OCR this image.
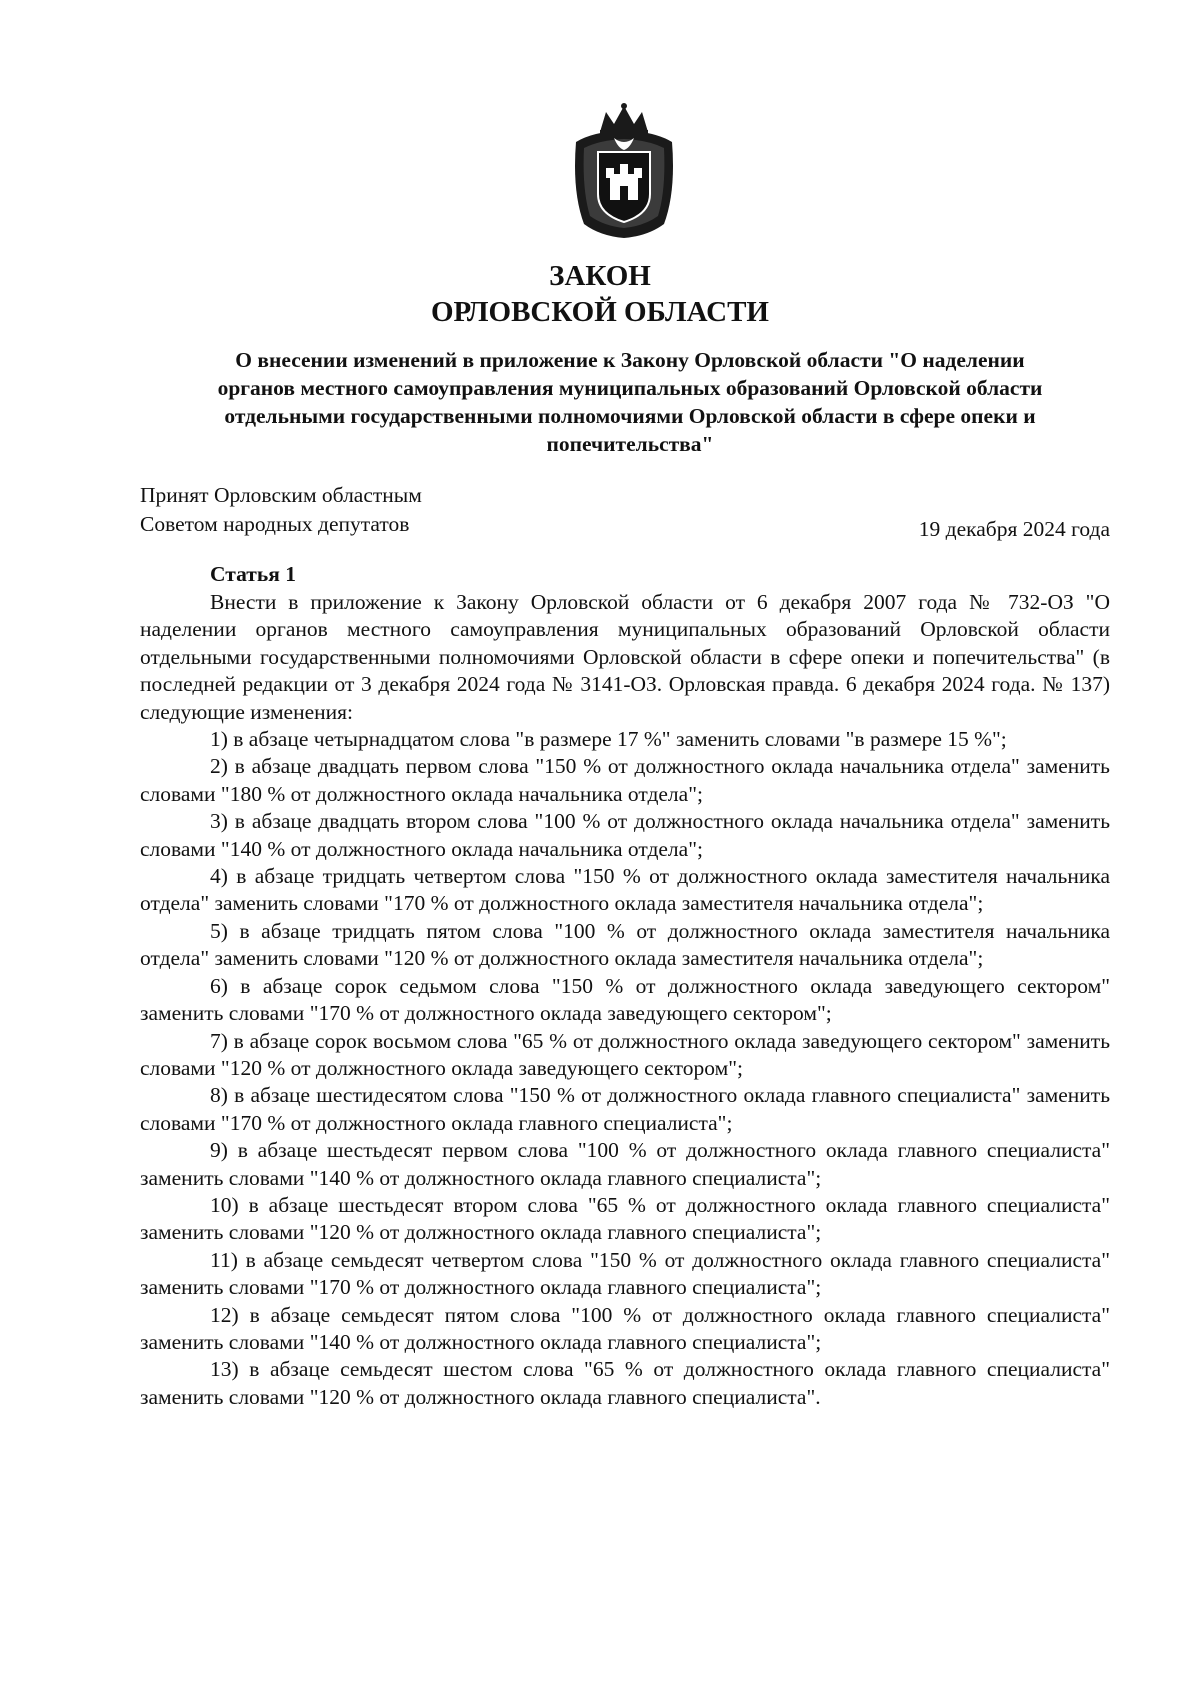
ЗАКОН
ОРЛОВСКОЙ ОБЛАСТИ
О внесении изменений в приложение к Закону Орловской области "О наделении
органов местного самоуправления муниципальных образований Орловской области
отдельными государственными полномочиями Орловской области в сфере опеки и
попечительства"
Принят Орловским областным
Советом народных депутатов	19 декабря 2024 года
Статья 1

Внести в приложение к Закону Орловской области от 6 декабря 2007 года № 732-ОЗ "О наделении органов местного самоуправления муниципальных образований Орловской области отдельными государственными полномочиями Орловской области в сфере опеки и попечительства" (в последней редакции от 3 декабря 2024 года № 3141-ОЗ. Орловская правда. 6 декабря 2024 года. № 137) следующие изменения:

1) в абзаце четырнадцатом слова "в размере 17 %" заменить словами "в размере 15 %";

2) в абзаце двадцать первом слова "150 % от должностного оклада начальника отдела" заменить словами "180 % от должностного оклада начальника отдела";

3) в абзаце двадцать втором слова "100 % от должностного оклада начальника отдела" заменить словами "140 % от должностного оклада начальника отдела";

4) в абзаце тридцать четвертом слова "150 % от должностного оклада заместителя начальника отдела" заменить словами "170 % от должностного оклада заместителя начальника отдела";

5) в абзаце тридцать пятом слова "100 % от должностного оклада заместителя начальника отдела" заменить словами "120 % от должностного оклада заместителя начальника отдела";

6) в абзаце сорок седьмом слова "150 % от должностного оклада заведующего сектором" заменить словами "170 % от должностного оклада заведующего сектором";

7) в абзаце сорок восьмом слова "65 % от должностного оклада заведующего сектором" заменить словами "120 % от должностного оклада заведующего сектором";

8) в абзаце шестидесятом слова "150 % от должностного оклада главного специалиста" заменить словами "170 % от должностного оклада главного специалиста";

9) в абзаце шестьдесят первом слова "100 % от должностного оклада главного специалиста" заменить словами "140 % от должностного оклада главного специалиста";

10) в абзаце шестьдесят втором слова "65 % от должностного оклада главного специалиста" заменить словами "120 % от должностного оклада главного специалиста";

11) в абзаце семьдесят четвертом слова "150 % от должностного оклада главного специалиста" заменить словами "170 % от должностного оклада главного специалиста";

12) в абзаце семьдесят пятом слова "100 % от должностного оклада главного специалиста" заменить словами "140 % от должностного оклада главного специалиста";

13) в абзаце семьдесят шестом слова "65 % от должностного оклада главного специалиста" заменить словами "120 % от должностного оклада главного специалиста".
